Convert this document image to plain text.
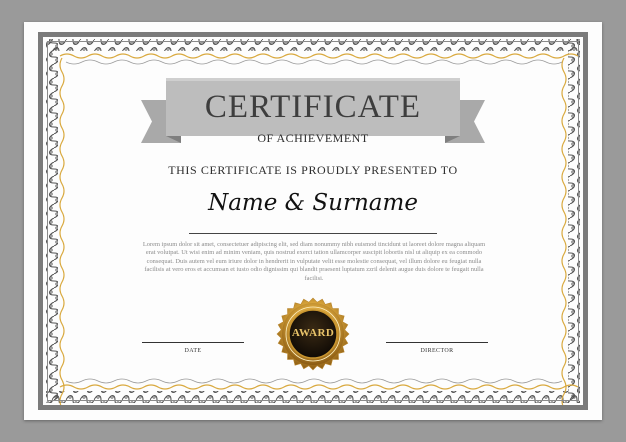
CERTIFICATE
OF ACHIEVEMENT
THIS CERTIFICATE IS PROUDLY PRESENTED TO
Name & Surname
Lorem ipsum dolor sit amet, consectetuer adipiscing elit, sed diam nonummy nibh euismod tincidunt ut laoreet dolore magna aliquam erat volutpat. Ut wisi enim ad minim veniam, quis nostrud exerci tation ullamcorper suscipit lobortis nisl ut aliquip ex ea commodo consequat. Duis autem vel eum iriure dolor in hendrerit in vulputate velit esse molestie consequat, vel illum dolore eu feugiat nulla facilisis at vero eros et accumsan et iusto odio dignissim qui blandit praesent luptatum zzril delenit augue duis dolore te feugait nulla facilisi.
AWARD
DATE	DIRECTOR
